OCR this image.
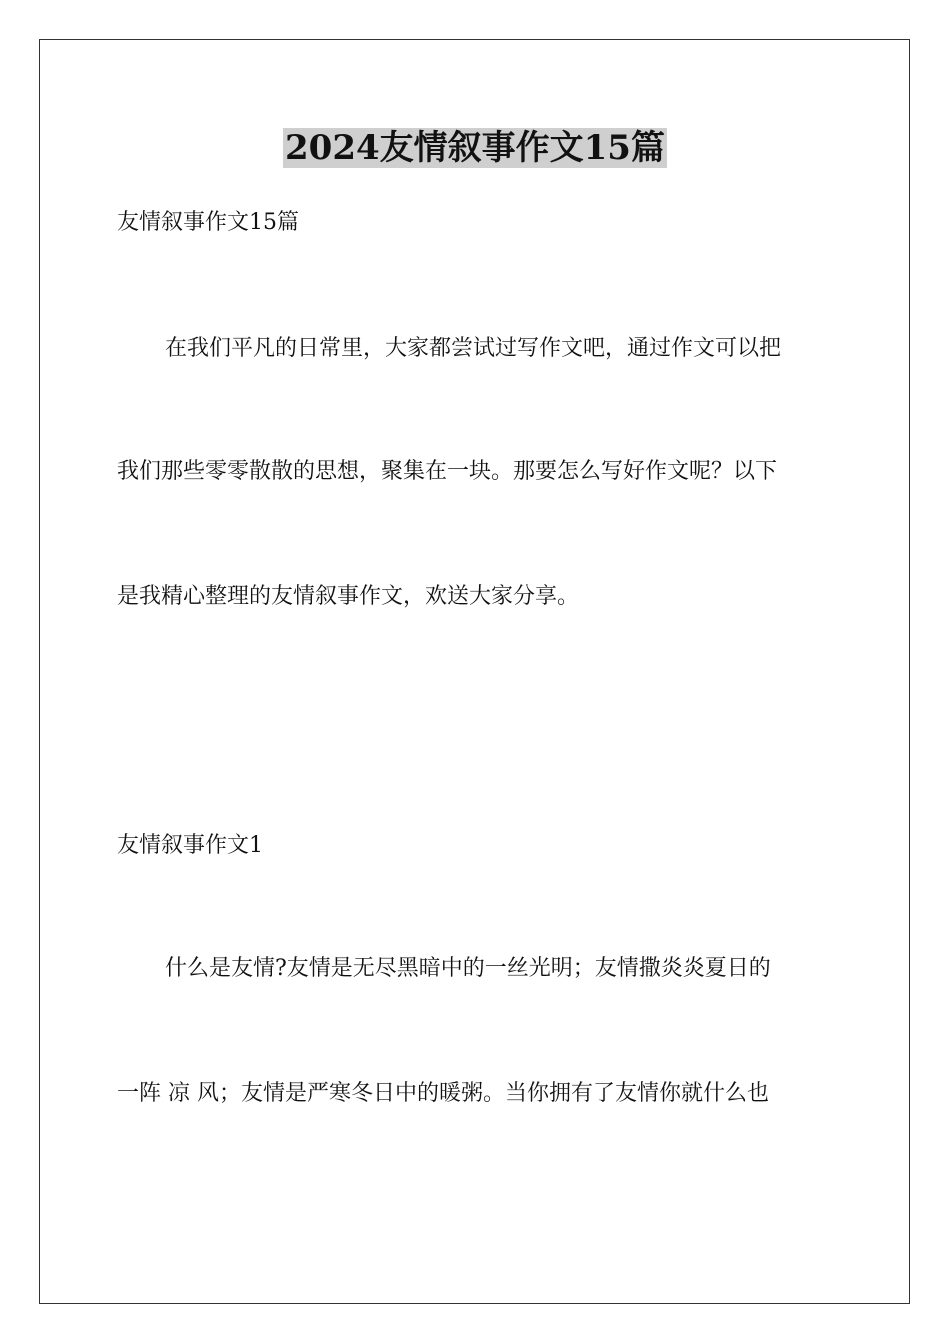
2024友情叙事作文15篇
友情叙事作文15篇
在我们平凡的日常里，大家都尝试过写作文吧，通过作文可以把
我们那些零零散散的思想，聚集在一块。那要怎么写好作文呢？以下
是我精心整理的友情叙事作文，欢送大家分享。
友情叙事作文1
什么是友情?友情是无尽黑暗中的一丝光明；友情撒炎炎夏日的
一阵 凉 风；友情是严寒冬日中的暖粥。当你拥有了友情你就什么也
